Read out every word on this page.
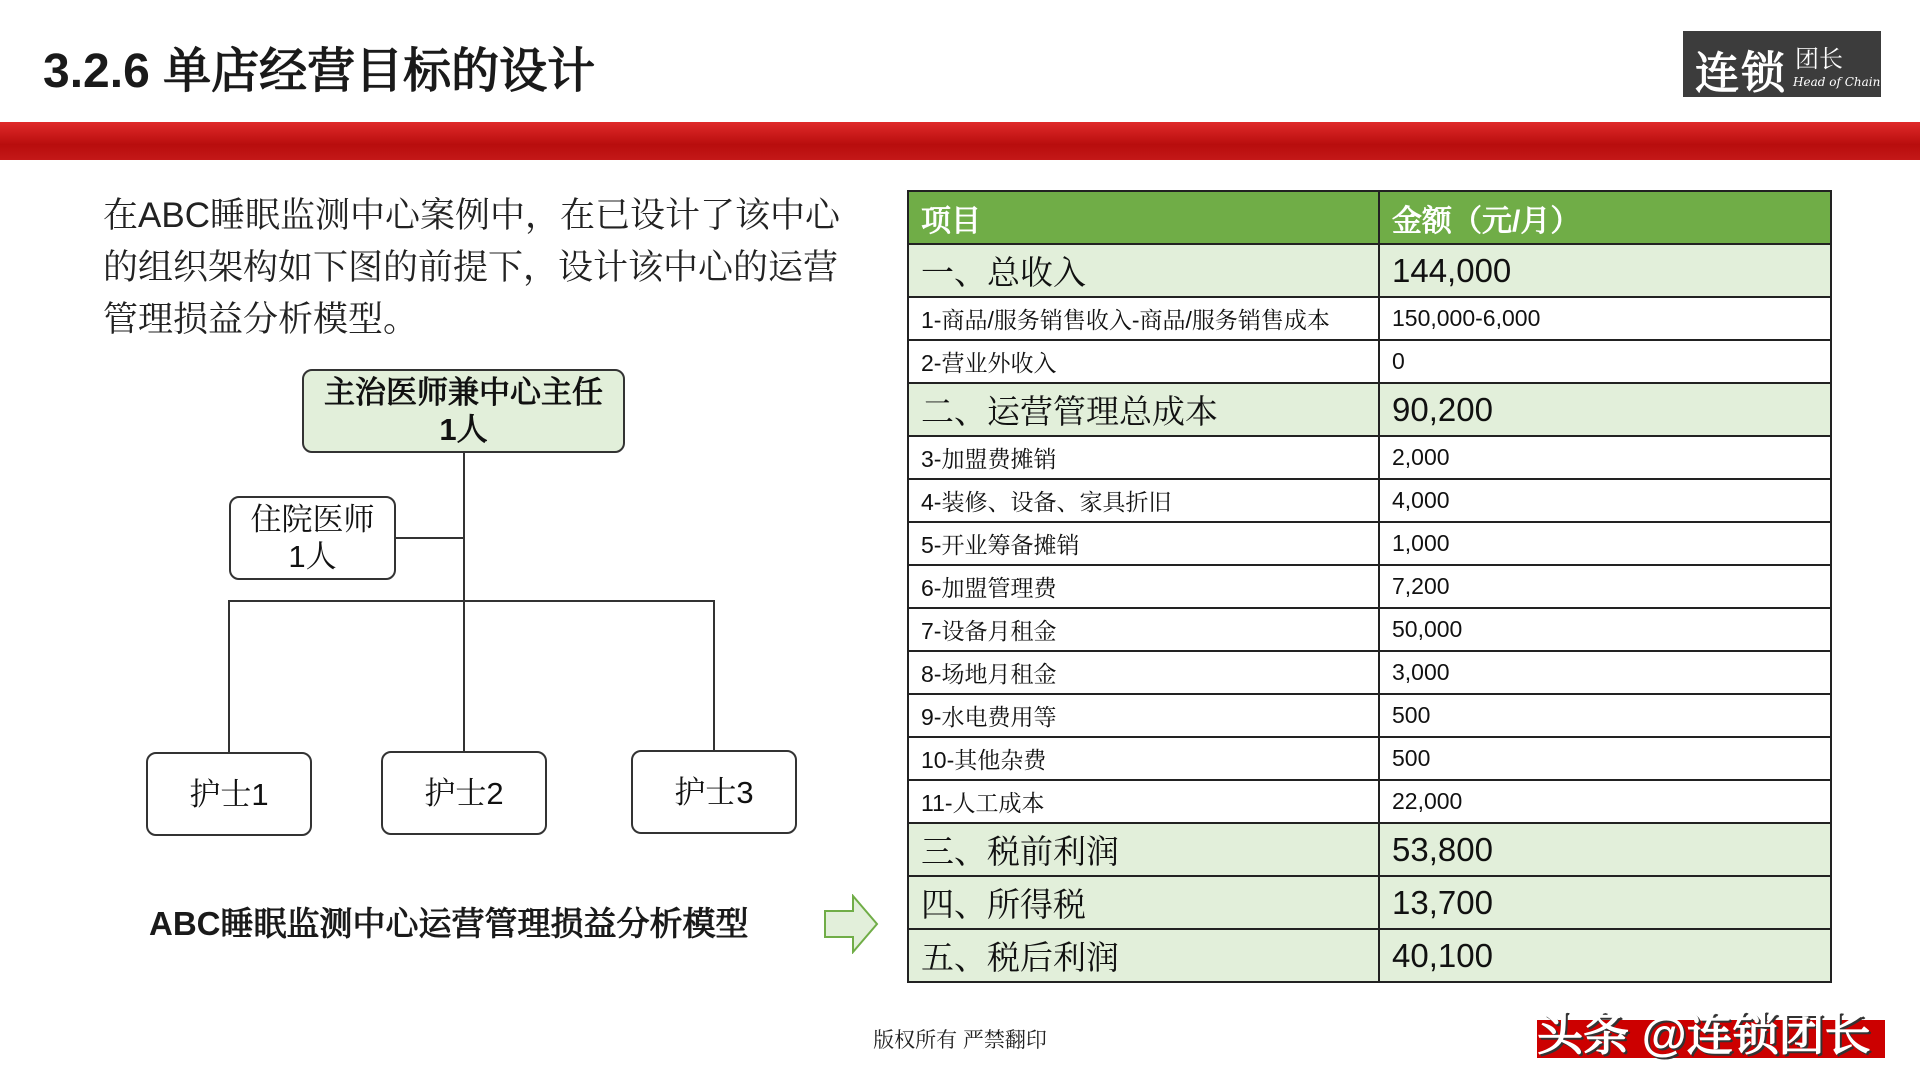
3.2.6 单店经营目标的设计	连锁 团长
Head of Chain
在ABC睡眠监测中心案例中，在已设计了该中心的组织架构如下图的前提下，设计该中心的运营管理损益分析模型。
主治医师兼中心主任
1人
住院医师
1人
护士1	护士2	护士3
ABC睡眠监测中心运营管理损益分析模型
项目	金额（元/月）
一、总收入	144,000
1-商品/服务销售收入-商品/服务销售成本	150,000-6,000
2-营业外收入	0
二、运营管理总成本	90,200
3-加盟费摊销	2,000
4-装修、设备、家具折旧	4,000
5-开业筹备摊销	1,000
6-加盟管理费	7,200
7-设备月租金	50,000
8-场地月租金	3,000
9-水电费用等	500
10-其他杂费	500
11-人工成本	22,000
三、税前利润	53,800
四、所得税	13,700
五、税后利润	40,100
版权所有 严禁翻印	头条 @连锁团长
